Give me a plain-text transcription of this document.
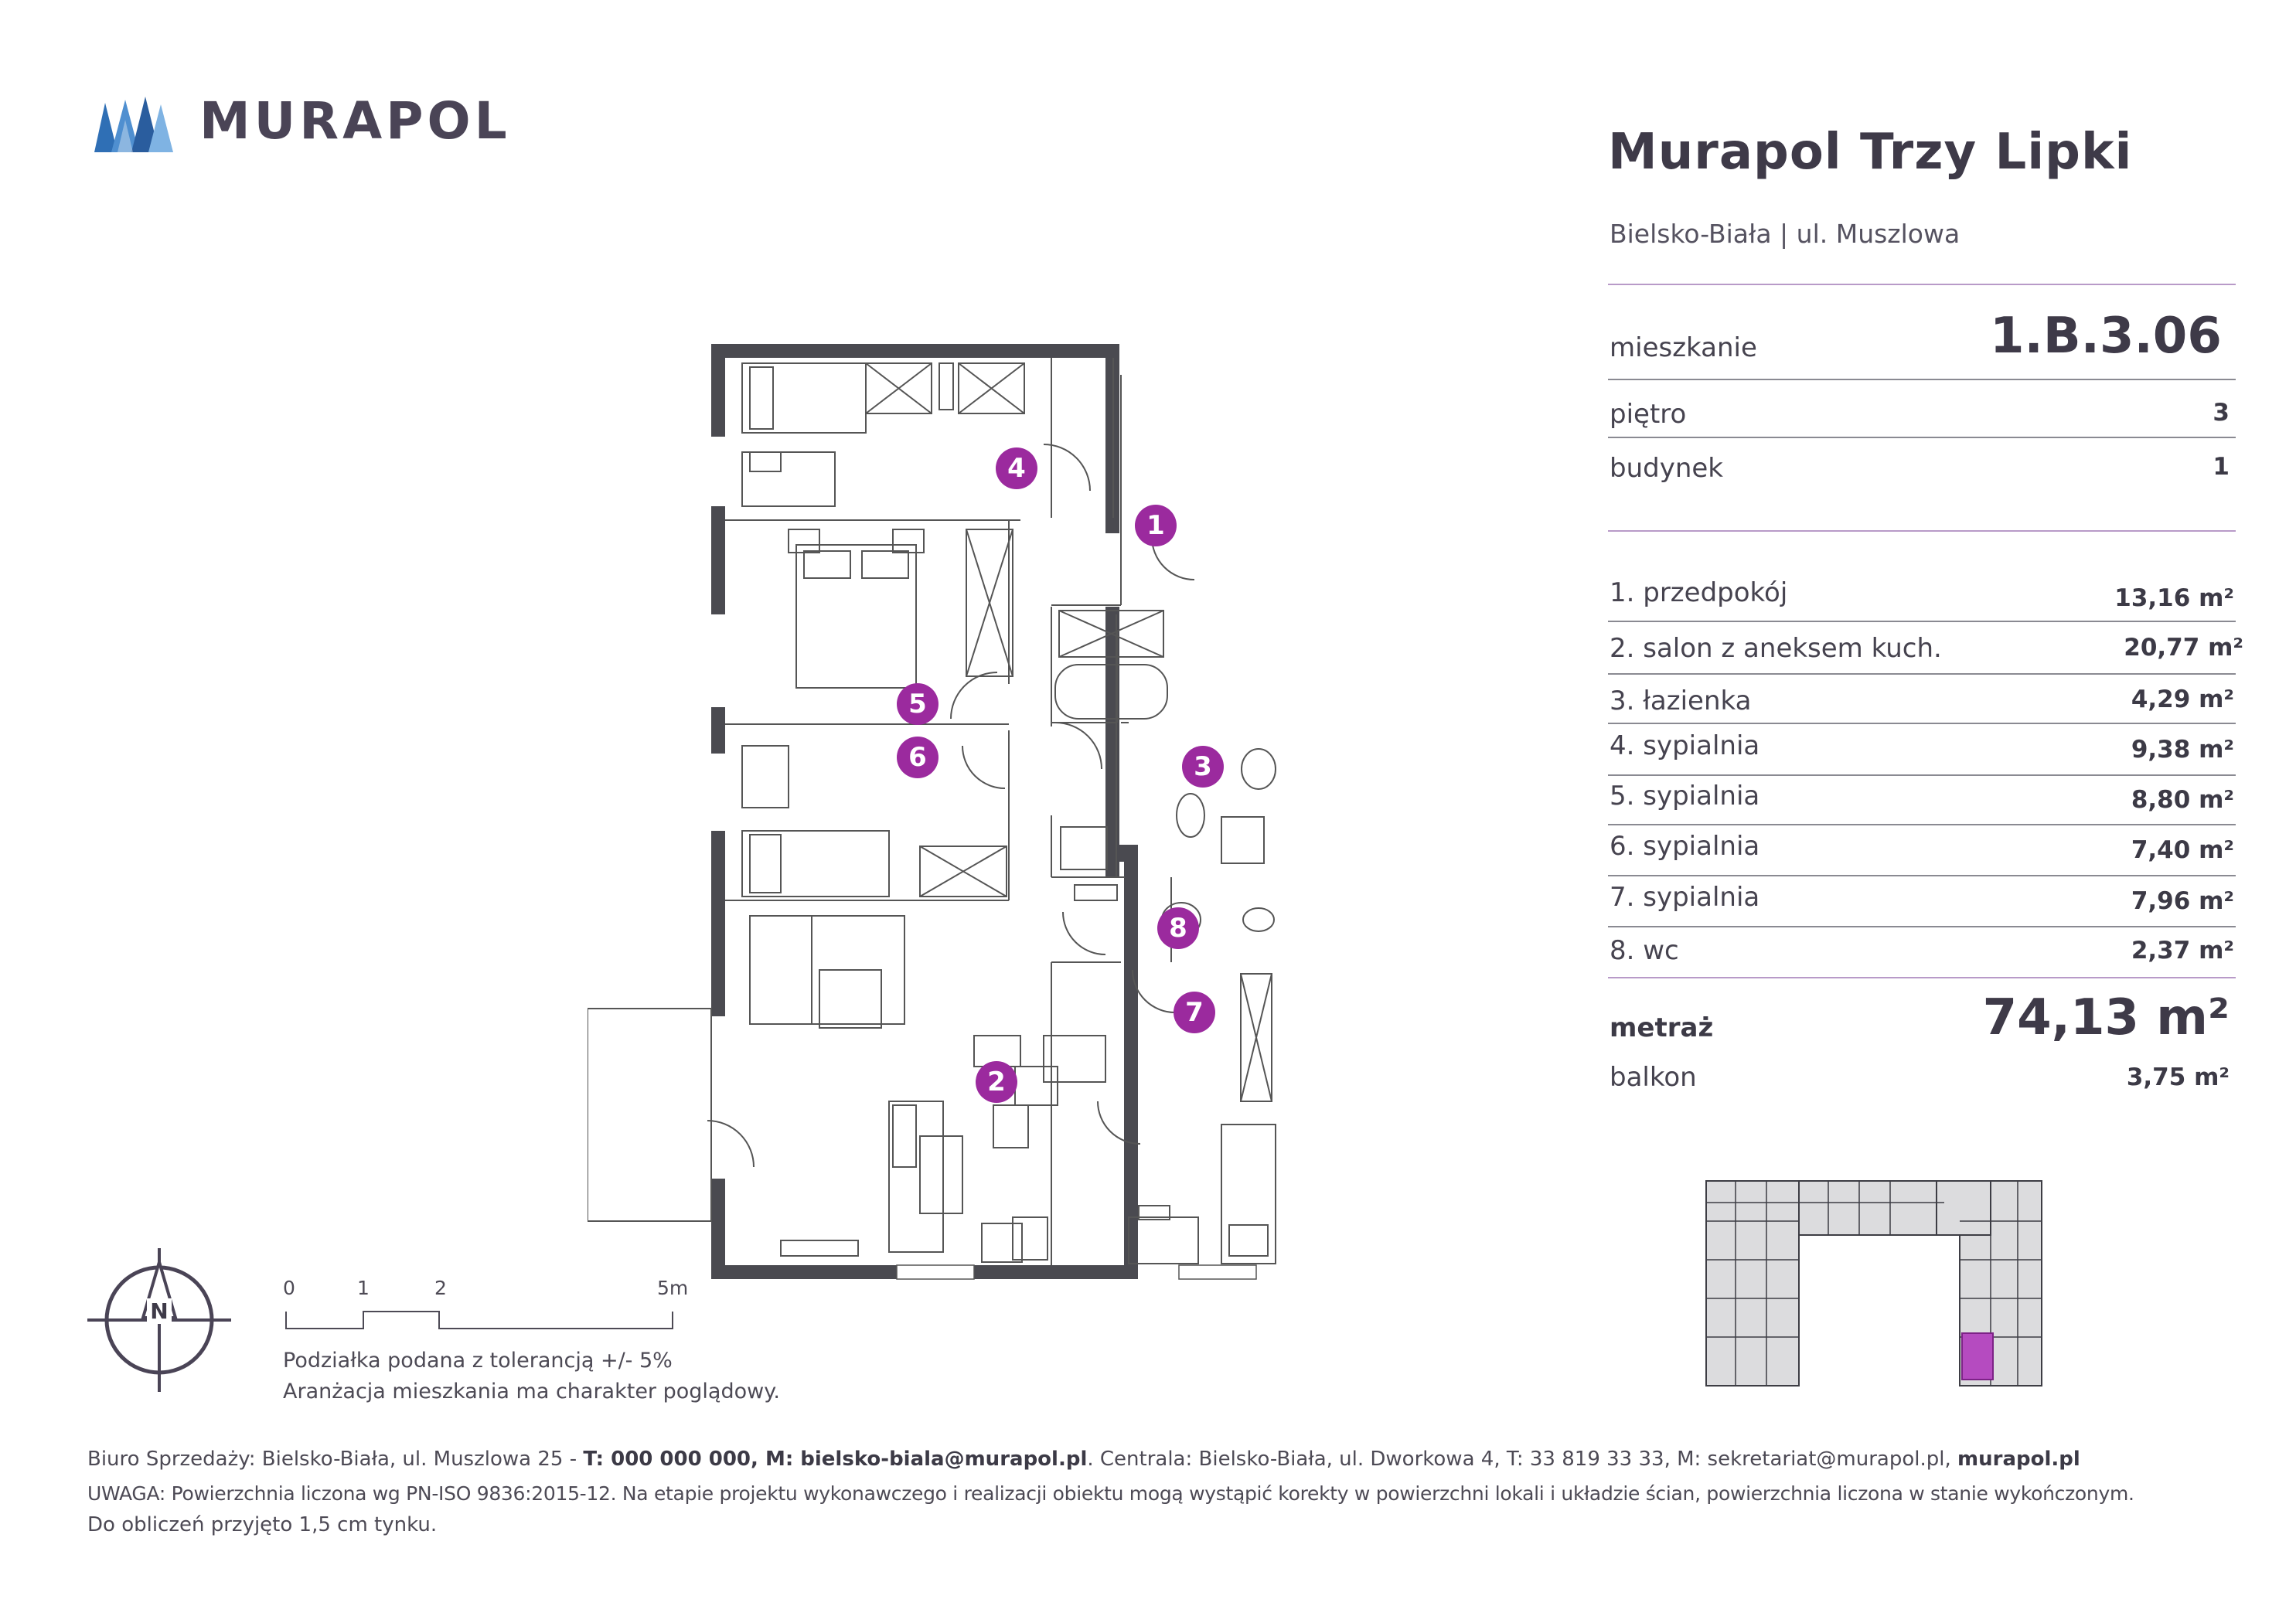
MURAPOL
Murapol Trzy Lipki
Bielsko-Biała | ul. Muszlowa
mieszkanie	1.B.3.06
piętro	3
budynek	1
1. przedpokój	13,16 m²
2. salon z aneksem kuch.	20,77 m²
3. łazienka	4,29 m²
4. sypialnia	9,38 m²
5. sypialnia	8,80 m²
6. sypialnia	7,40 m²
7. sypialnia	7,96 m²
8. wc	2,37 m²
metraż	74,13 m²
balkon	3,75 m²
1
2
3
4
5
6
7
8
N
0	1	2	5m
Podziałka podana z tolerancją +/- 5%
Aranżacja mieszkania ma charakter poglądowy.
Biuro Sprzedaży: Bielsko-Biała, ul. Muszlowa 25 - T: 000 000 000, M: bielsko-biala@murapol.pl. Centrala: Bielsko-Biała, ul. Dworkowa 4, T: 33 819 33 33, M: sekretariat@murapol.pl, murapol.pl
UWAGA: Powierzchnia liczona wg PN-ISO 9836:2015-12. Na etapie projektu wykonawczego i realizacji obiektu mogą wystąpić korekty w powierzchni lokali i układzie ścian, powierzchnia liczona w stanie wykończonym.
Do obliczeń przyjęto 1,5 cm tynku.
